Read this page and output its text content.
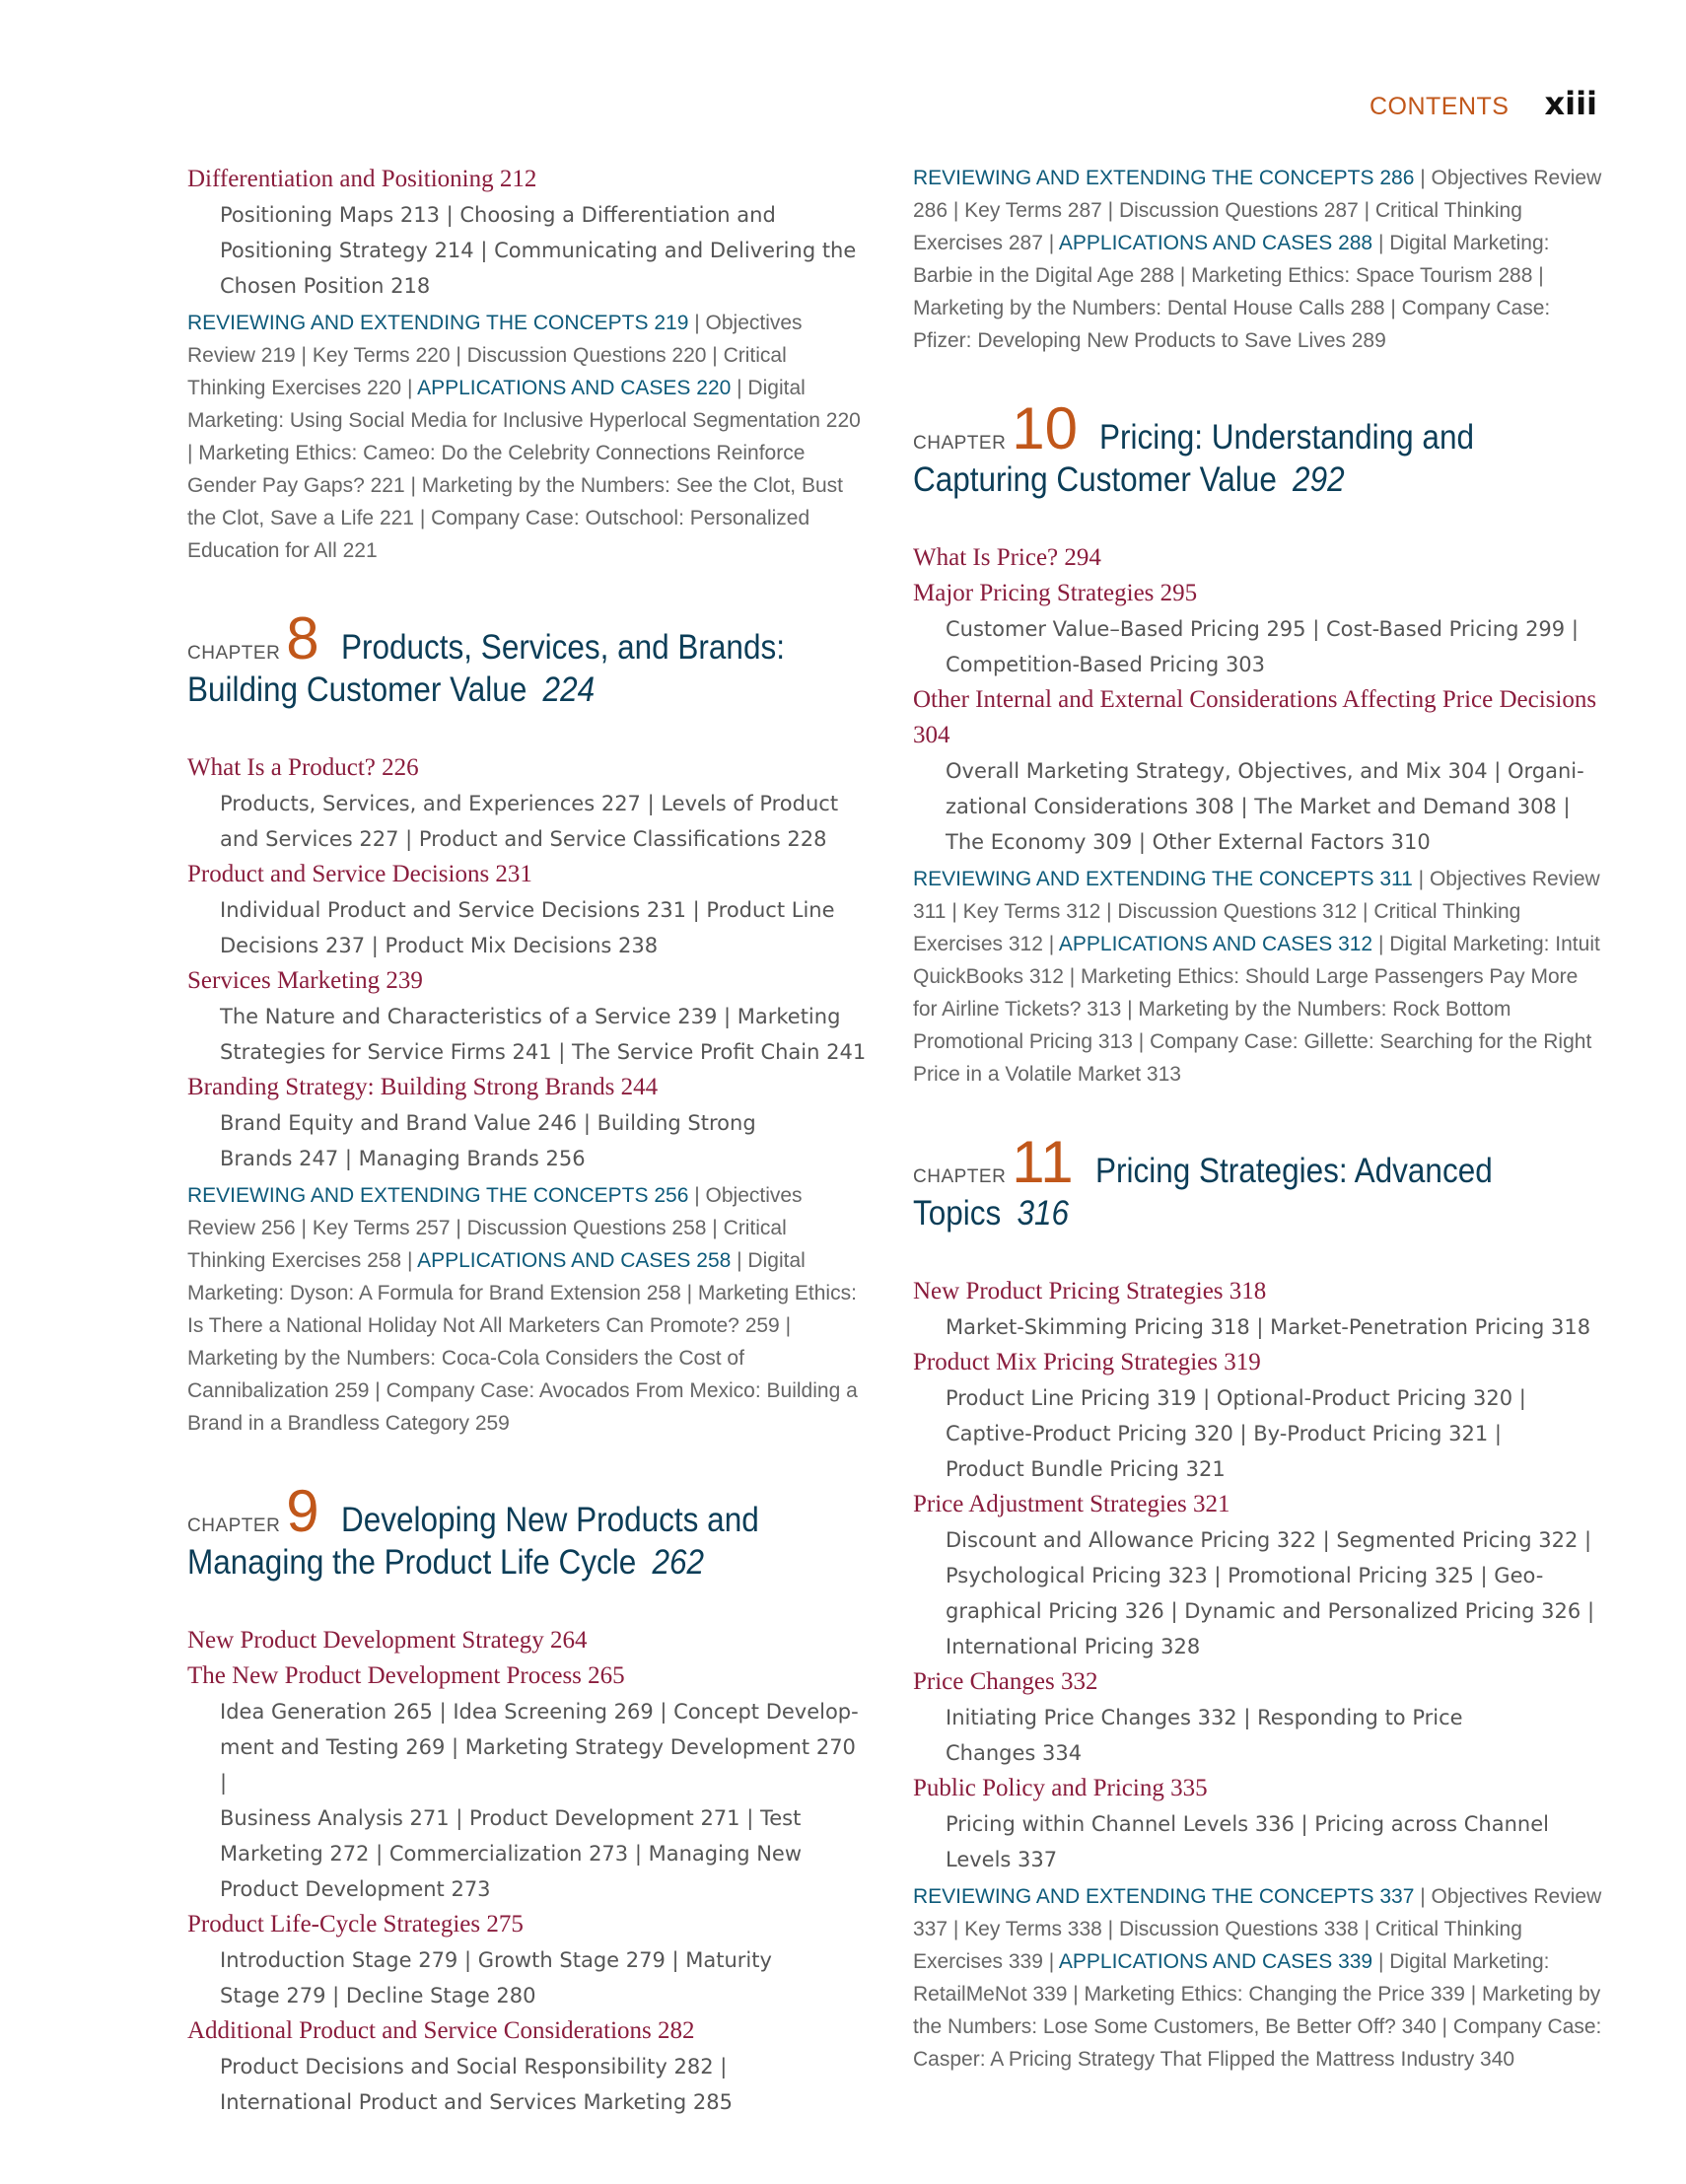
CONTENTS xiii
Differentiation and Positioning 212
Positioning Maps 213 | Choosing a Differentiation and
Positioning Strategy 214 | Communicating and Delivering the
Chosen Position 218
REVIEWING AND EXTENDING THE CONCEPTS 219 | Objectives Review 219 | Key Terms 220 | Discussion Questions 220 | Critical Thinking Exercises 220 | APPLICATIONS AND CASES 220 | Digital Marketing: Using Social Media for Inclusive Hyperlocal Segmentation 220 | Marketing Ethics: Cameo: Do the Celebrity Connections Reinforce Gender Pay Gaps? 221 | Marketing by the Numbers: See the Clot, Bust the Clot, Save a Life 221 | Company Case: Outschool: Personalized Education for All 221
CHAPTER 8 Products, Services, and Brands:
Building Customer Value 224
What Is a Product? 226
Products, Services, and Experiences 227 | Levels of Product
and Services 227 | Product and Service Classifications 228
Product and Service Decisions 231
Individual Product and Service Decisions 231 | Product Line
Decisions 237 | Product Mix Decisions 238
Services Marketing 239
The Nature and Characteristics of a Service 239 | Marketing
Strategies for Service Firms 241 | The Service Profit Chain 241
Branding Strategy: Building Strong Brands 244
Brand Equity and Brand Value 246 | Building Strong
Brands 247 | Managing Brands 256
REVIEWING AND EXTENDING THE CONCEPTS 256 | Objectives Review 256 | Key Terms 257 | Discussion Questions 258 | Critical Thinking Exercises 258 | APPLICATIONS AND CASES 258 | Digital Marketing: Dyson: A Formula for Brand Extension 258 | Marketing Ethics: Is There a National Holiday Not All Marketers Can Promote? 259 | Marketing by the Numbers: Coca-Cola Considers the Cost of Cannibalization 259 | Company Case: Avocados From Mexico: Building a Brand in a Brandless Category 259
CHAPTER 9 Developing New Products and
Managing the Product Life Cycle 262
New Product Development Strategy 264
The New Product Development Process 265
Idea Generation 265 | Idea Screening 269 | Concept Develop-
ment and Testing 269 | Marketing Strategy Development 270 |
Business Analysis 271 | Product Development 271 | Test
Marketing 272 | Commercialization 273 | Managing New
Product Development 273
Product Life-Cycle Strategies 275
Introduction Stage 279 | Growth Stage 279 | Maturity
Stage 279 | Decline Stage 280
Additional Product and Service Considerations 282
Product Decisions and Social Responsibility 282 |
International Product and Services Marketing 285
REVIEWING AND EXTENDING THE CONCEPTS 286 | Objectives Review 286 | Key Terms 287 | Discussion Questions 287 | Critical Thinking Exercises 287 | APPLICATIONS AND CASES 288 | Digital Marketing: Barbie in the Digital Age 288 | Marketing Ethics: Space Tourism 288 | Marketing by the Numbers: Dental House Calls 288 | Company Case: Pfizer: Developing New Products to Save Lives 289
CHAPTER 10 Pricing: Understanding and
Capturing Customer Value 292
What Is Price? 294
Major Pricing Strategies 295
Customer Value–Based Pricing 295 | Cost-Based Pricing 299 |
Competition-Based Pricing 303
Other Internal and External Considerations Affecting Price Decisions 304
Overall Marketing Strategy, Objectives, and Mix 304 | Organi-
zational Considerations 308 | The Market and Demand 308 |
The Economy 309 | Other External Factors 310
REVIEWING AND EXTENDING THE CONCEPTS 311 | Objectives Review 311 | Key Terms 312 | Discussion Questions 312 | Critical Thinking Exercises 312 | APPLICATIONS AND CASES 312 | Digital Marketing: Intuit QuickBooks 312 | Marketing Ethics: Should Large Passengers Pay More for Airline Tickets? 313 | Marketing by the Numbers: Rock Bottom Promotional Pricing 313 | Company Case: Gillette: Searching for the Right Price in a Volatile Market 313
CHAPTER 11 Pricing Strategies: Advanced
Topics 316
New Product Pricing Strategies 318
Market-Skimming Pricing 318 | Market-Penetration Pricing 318
Product Mix Pricing Strategies 319
Product Line Pricing 319 | Optional-Product Pricing 320 |
Captive-Product Pricing 320 | By-Product Pricing 321 |
Product Bundle Pricing 321
Price Adjustment Strategies 321
Discount and Allowance Pricing 322 | Segmented Pricing 322 |
Psychological Pricing 323 | Promotional Pricing 325 | Geo-
graphical Pricing 326 | Dynamic and Personalized Pricing 326 |
International Pricing 328
Price Changes 332
Initiating Price Changes 332 | Responding to Price
Changes 334
Public Policy and Pricing 335
Pricing within Channel Levels 336 | Pricing across Channel
Levels 337
REVIEWING AND EXTENDING THE CONCEPTS 337 | Objectives Review 337 | Key Terms 338 | Discussion Questions 338 | Critical Thinking Exercises 339 | APPLICATIONS AND CASES 339 | Digital Marketing: RetailMeNot 339 | Marketing Ethics: Changing the Price 339 | Marketing by the Numbers: Lose Some Customers, Be Better Off? 340 | Company Case: Casper: A Pricing Strategy That Flipped the Mattress Industry 340
